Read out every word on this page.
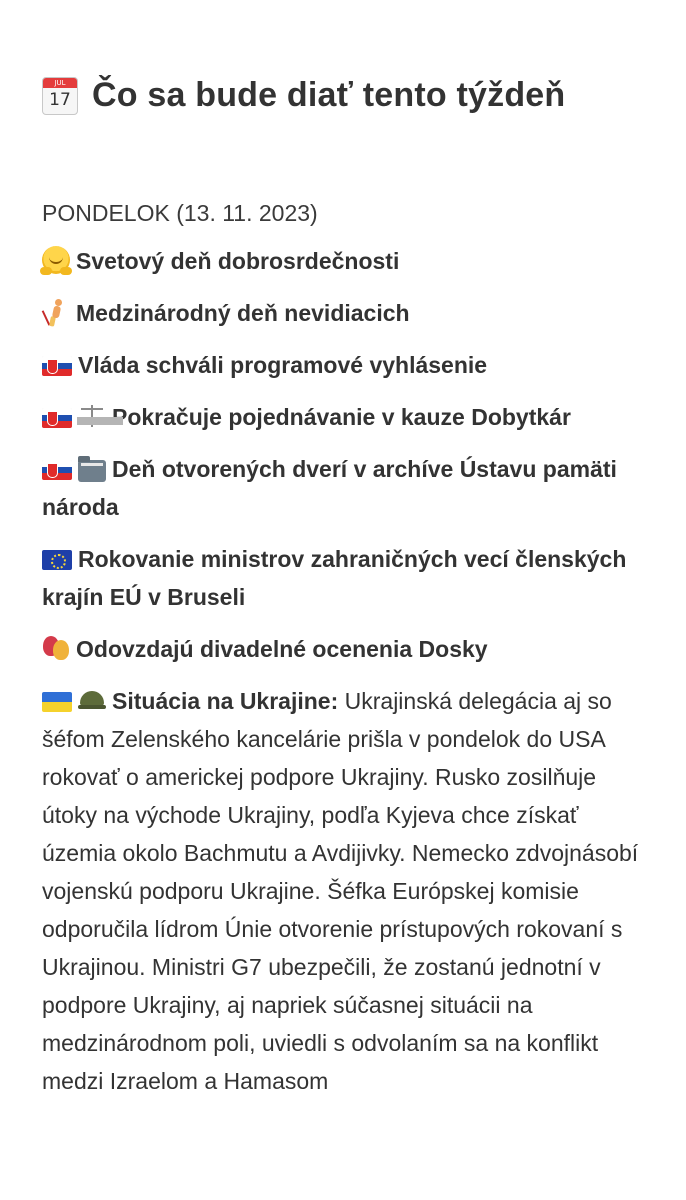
JUL
17 Čo sa bude diať tento týždeň
PONDELOK (13. 11. 2023)
Svetový deň dobrosrdečnosti
Medzinárodný deň nevidiacich
Vláda schváli programové vyhlásenie
Pokračuje pojednávanie v kauze Dobytkár
Deň otvorených dverí v archíve Ústavu pamäti národa
Rokovanie ministrov zahraničných vecí členských krajín EÚ v Bruseli
Odovzdajú divadelné ocenenia Dosky
Situácia na Ukrajine: Ukrajinská delegácia aj so šéfom Zelenského kancelárie prišla v pondelok do USA rokovať o americkej podpore Ukrajiny. Rusko zosilňuje útoky na východe Ukrajiny, podľa Kyjeva chce získať územia okolo Bachmutu a Avdijivky. Nemecko zdvojnásobí vojenskú podporu Ukrajine. Šéfka Európskej komisie odporučila lídrom Únie otvorenie prístupových rokovaní s Ukrajinou. Ministri G7 ubezpečili, že zostanú jednotní v podpore Ukrajiny, aj napriek súčasnej situácii na medzinárodnom poli, uviedli s odvolaním sa na konflikt medzi Izraelom a Hamasom
